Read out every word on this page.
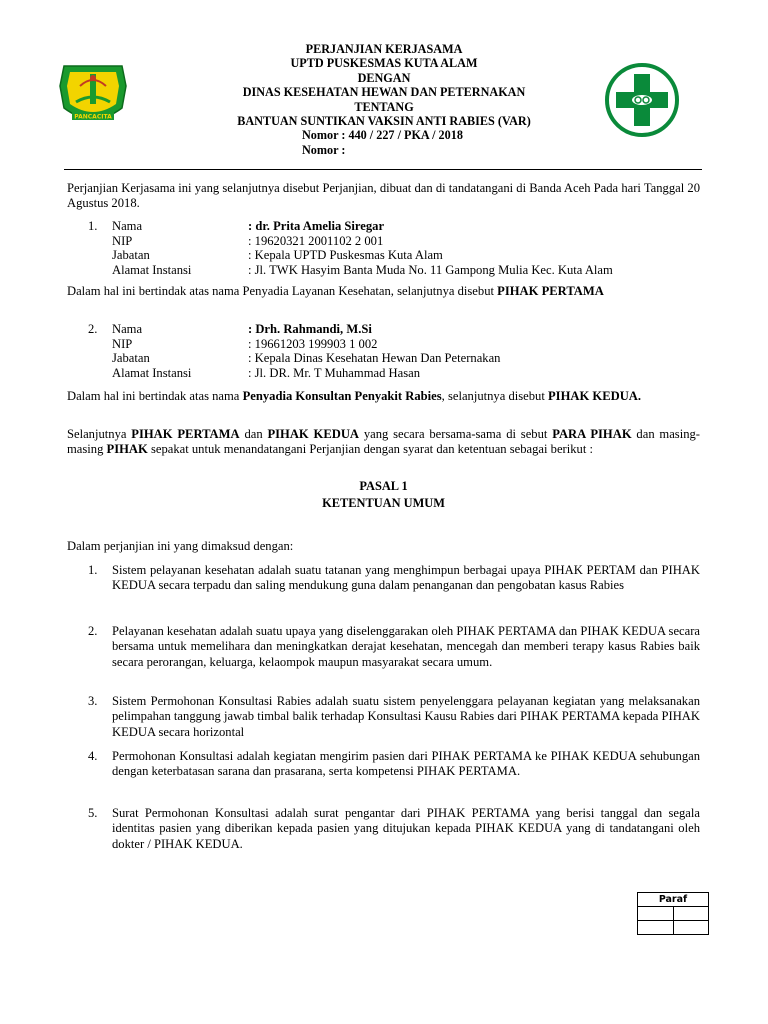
PANCACITA
PERJANJIAN KERJASAMA
UPTD PUSKESMAS KUTA ALAM
DENGAN
DINAS KESEHATAN HEWAN DAN PETERNAKAN
TENTANG
BANTUAN SUNTIKAN VAKSIN ANTI RABIES (VAR)
Nomor : 440 / 227 / PKA / 2018
Nomor :
Perjanjian Kerjasama ini yang selanjutnya disebut Perjanjian, dibuat dan di tandatangani di Banda Aceh Pada hari Tanggal 20 Agustus 2018.
1.	Nama	: dr. Prita Amelia Siregar
NIP	: 19620321 2001102 2 001
Jabatan	: Kepala UPTD Puskesmas Kuta Alam
Alamat Instansi	: Jl. TWK Hasyim Banta Muda No. 11 Gampong Mulia Kec. Kuta Alam
Dalam hal ini bertindak atas nama Penyadia Layanan Kesehatan, selanjutnya disebut PIHAK PERTAMA
2.	Nama	: Drh. Rahmandi, M.Si
NIP	: 19661203 199903 1 002
Jabatan	: Kepala Dinas Kesehatan Hewan Dan Peternakan
Alamat Instansi	: Jl. DR. Mr. T Muhammad Hasan
Dalam hal ini bertindak atas nama Penyadia Konsultan Penyakit Rabies, selanjutnya disebut PIHAK KEDUA.
Selanjutnya PIHAK PERTAMA dan PIHAK KEDUA yang secara bersama-sama di sebut PARA PIHAK dan masing-masing PIHAK sepakat untuk menandatangani Perjanjian dengan syarat dan ketentuan sebagai berikut :
PASAL 1
KETENTUAN UMUM
Dalam perjanjian ini yang dimaksud dengan:
1.	Sistem pelayanan kesehatan adalah suatu tatanan yang menghimpun berbagai upaya PIHAK PERTAM dan PIHAK KEDUA secara terpadu dan saling mendukung guna dalam penanganan dan pengobatan kasus Rabies
2.	Pelayanan kesehatan adalah suatu upaya yang diselenggarakan oleh PIHAK PERTAMA dan PIHAK KEDUA secara bersama untuk memelihara dan meningkatkan derajat kesehatan, mencegah dan memberi terapy kasus Rabies baik secara perorangan, keluarga, kelaompok maupun masyarakat secara umum.
3.	Sistem Permohonan Konsultasi Rabies adalah suatu sistem penyelenggara pelayanan kegiatan yang melaksanakan pelimpahan tanggung jawab timbal balik terhadap Konsultasi Kausu Rabies dari PIHAK PERTAMA kepada PIHAK KEDUA secara horizontal
4.	Permohonan Konsultasi adalah kegiatan mengirim pasien dari PIHAK PERTAMA ke PIHAK KEDUA sehubungan dengan keterbatasan sarana dan prasarana, serta kompetensi PIHAK PERTAMA.
5.	Surat Permohonan Konsultasi adalah surat pengantar dari PIHAK PERTAMA yang berisi tanggal dan segala identitas pasien yang diberikan kepada pasien yang ditujukan kepada PIHAK KEDUA yang di tandatangani oleh dokter / PIHAK KEDUA.
Paraf	
